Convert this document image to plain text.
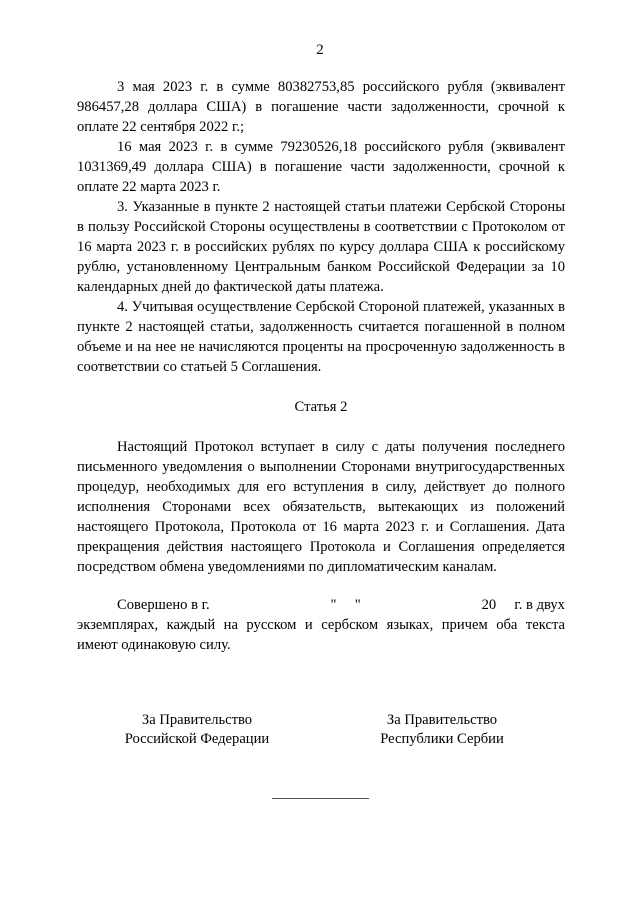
2

3 мая 2023 г. в сумме 80382753,85 российского рубля (эквивалент 986457,28 доллара США) в погашение части задолженности, срочной к оплате 22 сентября 2022 г.;

16 мая 2023 г. в сумме 79230526,18 российского рубля (эквивалент 1031369,49 доллара США) в погашение части задолженности, срочной к оплате 22 марта 2023 г.

3. Указанные в пункте 2 настоящей статьи платежи Сербской Стороны в пользу Российской Стороны осуществлены в соответствии с Протоколом от 16 марта 2023 г. в российских рублях по курсу доллара США к российскому рублю, установленному Центральным банком Российской Федерации за 10 календарных дней до фактической даты платежа.

4. Учитывая осуществление Сербской Стороной платежей, указанных в пункте 2 настоящей статьи, задолженность считается погашенной в полном объеме и на нее не начисляются проценты на просроченную задолженность в соответствии со статьей 5 Соглашения.

Статья 2

Настоящий Протокол вступает в силу с даты получения последнего письменного уведомления о выполнении Сторонами внутригосударственных процедур, необходимых для его вступления в силу, действует до полного исполнения Сторонами всех обязательств, вытекающих из положений настоящего Протокола, Протокола от 16 марта 2023 г. и Соглашения. Дата прекращения действия настоящего Протокола и Соглашения определяется посредством обмена уведомлениями по дипломатическим каналам.

Совершено в г.	"     "	20     г. в двух

экземплярах, каждый на русском и сербском языках, причем оба текста имеют одинаковую силу.

За Правительство
Российской Федерации
За Правительство
Республики Сербии
